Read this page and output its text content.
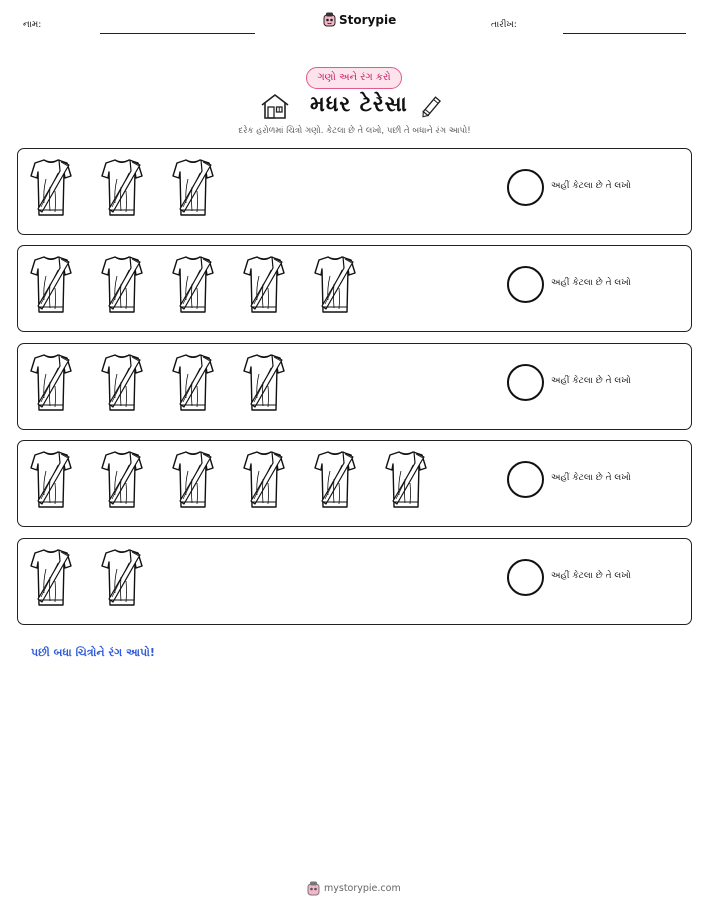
નામ:	Storypie	તારીખ:
ગણો અને રંગ કરો
મધર ટેરેસા
દરેક હરોળમાં ચિત્રો ગણો. કેટલા છે તે લખો, પછી તે બધાને રંગ આપો!
અહીં કેટલા છે તે લખો
અહીં કેટલા છે તે લખો
અહીં કેટલા છે તે લખો
અહીં કેટલા છે તે લખો
અહીં કેટલા છે તે લખો
પછી બધા ચિત્રોને રંગ આપો!
mystorypie.com
